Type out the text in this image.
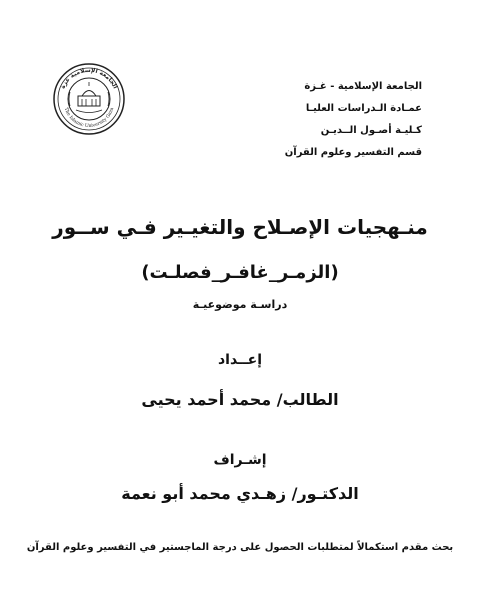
الجامعة الإسلامية غزة
The Islamic University Gaza
الجامعة الإسلامية - غـزة
عمـادة الـدراسات العليـا
كـليـة أصـول الــديـن
قسم التفسير وعلوم القرآن
منـهجيات الإصـلاح والتغيـير فـي ســور
(الزمـر_غافـر_فصلـت)
دراسـة موضوعيـة
إعــداد
الطالب/ محمد أحمد يحيى
إشـراف
الدكتـور/ زهـدي محمد أبو نعمة
بحث مقدم استكمالاً لمتطلبات الحصول على درجة الماجستير في التفسير وعلوم القرآن
